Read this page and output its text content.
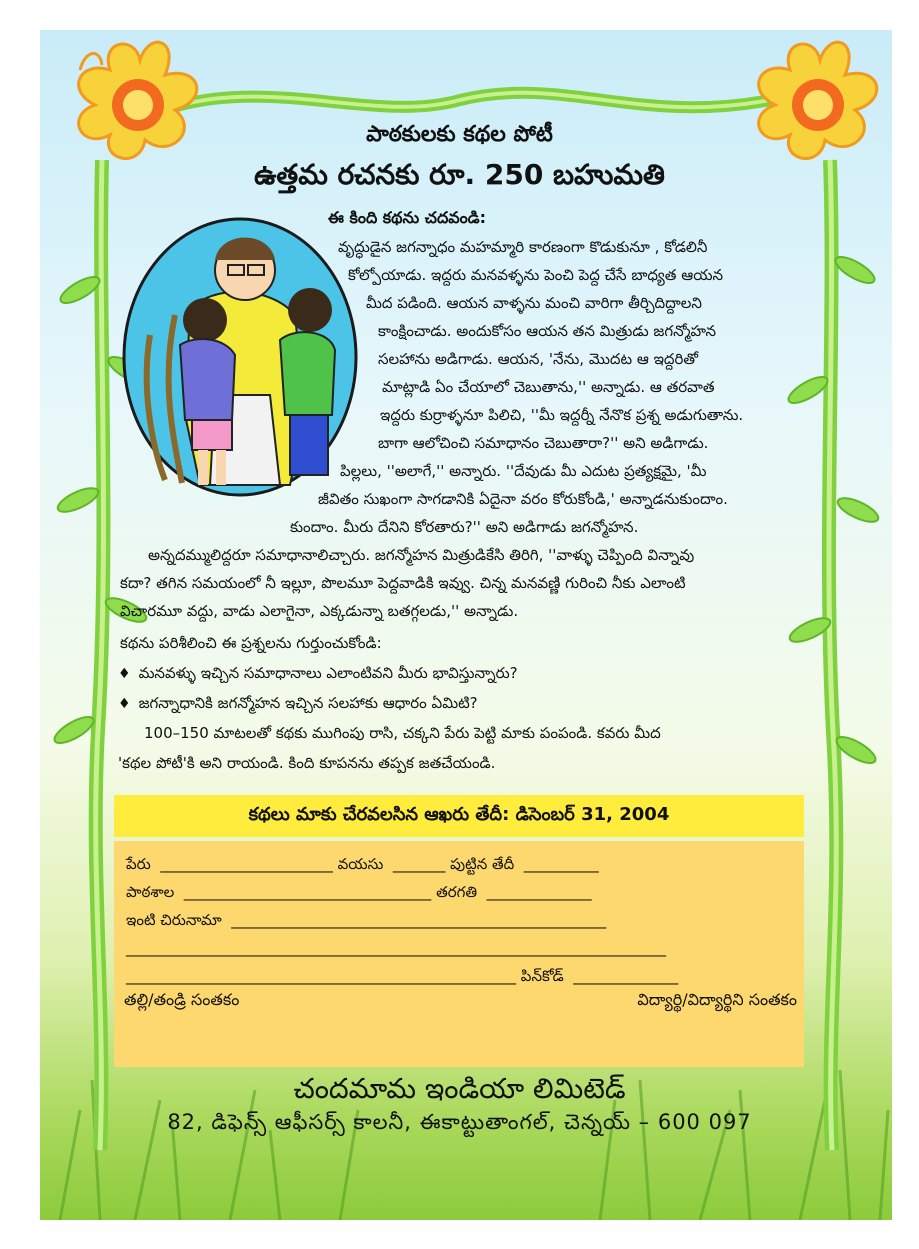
పాఠకులకు కథల పోటీ
ఉత్తమ రచనకు రూ. 250 బహుమతి
ఈ కింది కథను చదవండి:
వృద్ధుడైన జగన్నాధం మహమ్మారి కారణంగా కొడుకునూ , కోడలినీ
కోల్పోయాడు. ఇద్దరు మనవళ్ళను పెంచి పెద్ద చేసే బాధ్యత ఆయన
మీద పడింది. ఆయన వాళ్ళను మంచి వారిగా తీర్చిదిద్దాలని
కాంక్షించాడు. అందుకోసం ఆయన తన మిత్రుడు జగన్మోహన
సలహాను అడిగాడు. ఆయన, 'నేను, మొదట ఆ ఇద్దరితో
మాట్లాడి ఏం చేయాలో చెబుతాను,'' అన్నాడు. ఆ తరవాత
ఇద్దరు కుర్రాళ్ళనూ పిలిచి, ''మీ ఇద్దర్నీ నేనొక ప్రశ్న అడుగుతాను.
బాగా ఆలోచించి సమాధానం చెబుతారా?'' అని అడిగాడు.
పిల్లలు, ''అలాగే,'' అన్నారు. ''దేవుడు మీ ఎదుట ప్రత్యక్షమై, 'మీ
జీవితం సుఖంగా సాగడానికి ఏదైనా వరం కోరుకోండి,' అన్నాడనుకుందాం.
కుందాం. మీరు దేనిని కోరతారు?'' అని అడిగాడు జగన్మోహన.
అన్నదమ్ములిద్దరూ సమాధానాలిచ్చారు. జగన్మోహన మిత్రుడికేసి తిరిగి, ''వాళ్ళు చెప్పింది విన్నావు
కదా? తగిన సమయంలో నీ ఇల్లూ, పొలమూ పెద్దవాడికి ఇవ్వు. చిన్న మనవణ్ణి గురించి నీకు ఎలాంటి
విచారమూ వద్దు, వాడు ఎలాగైనా, ఎక్కడున్నా బతగ్గలడు,'' అన్నాడు.
కథను పరిశీలించి ఈ ప్రశ్నలను గుర్తుంచుకోండి:
♦ మనవళ్ళు ఇచ్చిన సమాధానాలు ఎలాంటివని మీరు భావిస్తున్నారు?
♦ జగన్నాధానికి జగన్మోహన ఇచ్చిన సలహాకు ఆధారం ఏమిటి?
100–150 మాటలతో కథకు ముగింపు రాసి, చక్కని పేరు పెట్టి మాకు పంపండి. కవరు మీద
'కథల పోటీ'కి అని రాయండి. కింది కూపనను తప్పక జతచేయండి.
కథలు మాకు చేరవలసిన ఆఖరు తేదీ: డిసెంబర్ 31, 2004
పేరు  _______________________ వయసు  _______ పుట్టిన తేదీ  __________
పాఠశాల  _________________________________ తరగతి  ______________
ఇంటి చిరునామా  __________________________________________________
________________________________________________________________________
____________________________________________________ పిన్‌కోడ్  ______________
తల్లి/తండ్రి సంతకం	విద్యార్థి/విద్యార్థిని సంతకం
చందమామ ఇండియా లిమిటెడ్
82, డిఫెన్స్ ఆఫీసర్స్ కాలనీ, ఈకాట్టుతాంగల్, చెన్నయ్ – 600 097
